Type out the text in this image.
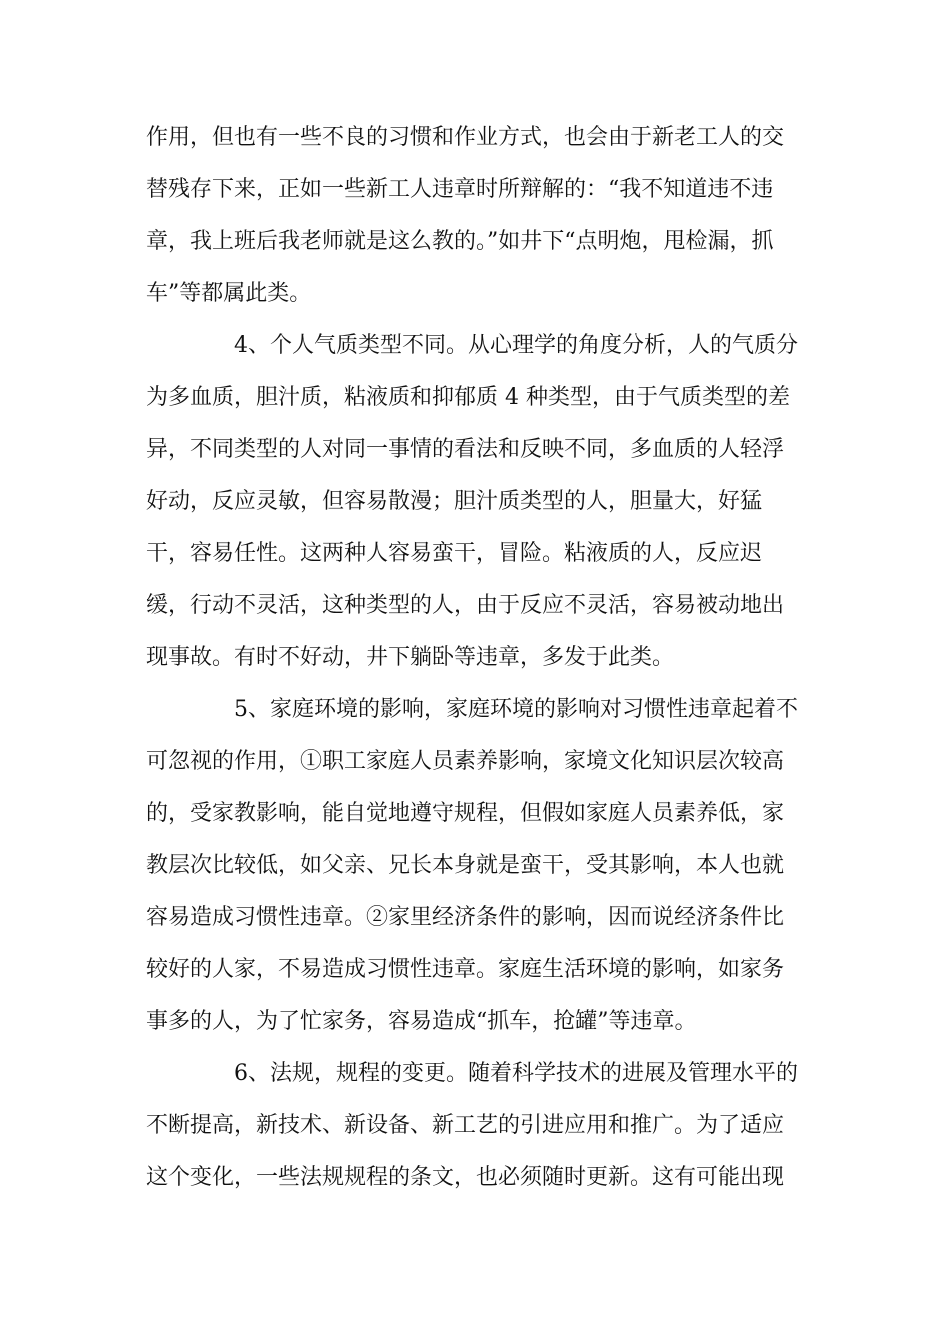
作用，但也有一些不良的习惯和作业方式，也会由于新老工人的交
替残存下来，正如一些新工人违章时所辩解的：“我不知道违不违
章，我上班后我老师就是这么教的。”如井下“点明炮，甩检漏，抓
车”等都属此类。
　　　　4、个人气质类型不同。从心理学的角度分析，人的气质分
为多血质，胆汁质，粘液质和抑郁质 4 种类型，由于气质类型的差
异，不同类型的人对同一事情的看法和反映不同，多血质的人轻浮
好动，反应灵敏，但容易散漫；胆汁质类型的人，胆量大，好猛
干，容易任性。这两种人容易蛮干，冒险。粘液质的人，反应迟
缓，行动不灵活，这种类型的人，由于反应不灵活，容易被动地出
现事故。有时不好动，井下躺卧等违章，多发于此类。
　　　　5、家庭环境的影响，家庭环境的影响对习惯性违章起着不
可忽视的作用，①职工家庭人员素养影响，家境文化知识层次较高
的，受家教影响，能自觉地遵守规程，但假如家庭人员素养低，家
教层次比较低，如父亲、兄长本身就是蛮干，受其影响，本人也就
容易造成习惯性违章。②家里经济条件的影响，因而说经济条件比
较好的人家，不易造成习惯性违章。家庭生活环境的影响，如家务
事多的人，为了忙家务，容易造成“抓车，抢罐”等违章。
　　　　6、法规，规程的变更。随着科学技术的进展及管理水平的
不断提高，新技术、新设备、新工艺的引进应用和推广。为了适应
这个变化，一些法规规程的条文，也必须随时更新。这有可能出现
